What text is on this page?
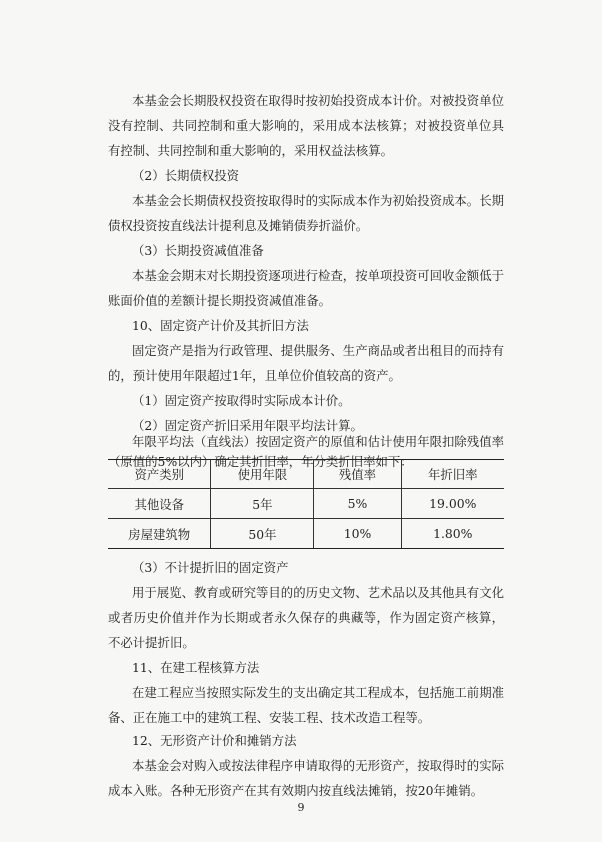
本基金会长期股权投资在取得时按初始投资成本计价。对被投资单位没有控制、共同控制和重大影响的，采用成本法核算；对被投资单位具有控制、共同控制和重大影响的，采用权益法核算。

（2）长期债权投资

本基金会长期债权投资按取得时的实际成本作为初始投资成本。长期债权投资按直线法计提利息及摊销债券折溢价。

（3）长期投资减值准备

本基金会期末对长期投资逐项进行检查，按单项投资可回收金额低于账面价值的差额计提长期投资减值准备。

10、固定资产计价及其折旧方法

固定资产是指为行政管理、提供服务、生产商品或者出租目的而持有的，预计使用年限超过1年，且单位价值较高的资产。

（1）固定资产按取得时实际成本计价。

（2）固定资产折旧采用年限平均法计算。

年限平均法（直线法）按固定资产的原值和估计使用年限扣除残值率（原值的5%以内）确定其折旧率，年分类折旧率如下：

资产类别	使用年限	残值率	年折旧率
其他设备	5年	5%	19.00%
房屋建筑物	50年	10%	1.80%

（3）不计提折旧的固定资产

用于展览、教育或研究等目的的历史文物、艺术品以及其他具有文化或者历史价值并作为长期或者永久保存的典藏等，作为固定资产核算，不必计提折旧。

11、在建工程核算方法

在建工程应当按照实际发生的支出确定其工程成本，包括施工前期准备、正在施工中的建筑工程、安装工程、技术改造工程等。

12、无形资产计价和摊销方法

本基金会对购入或按法律程序申请取得的无形资产，按取得时的实际成本入账。各种无形资产在其有效期内按直线法摊销，按20年摊销。

9
